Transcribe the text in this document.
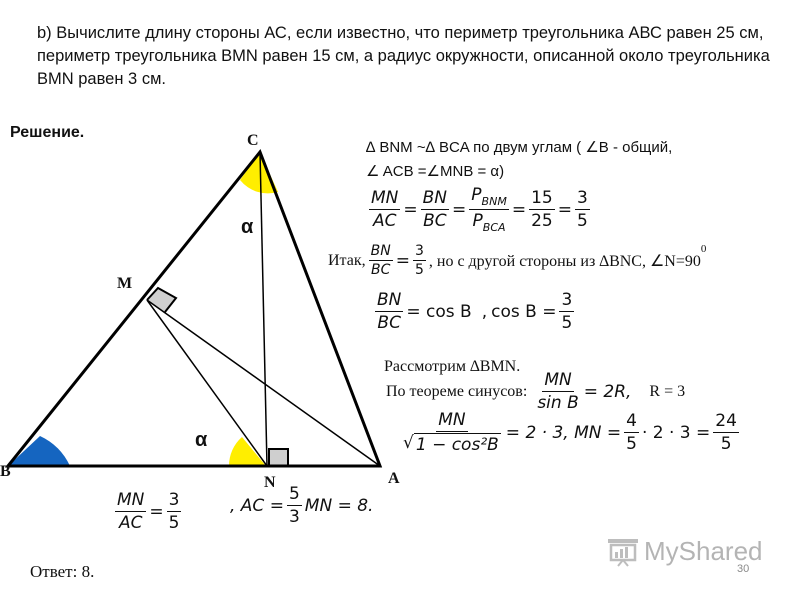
b) Вычислите длину стороны АС, если известно, что периметр треугольника АВС равен 25 см, периметр треугольника ВМN равен 15 см, а радиус окружности, описанной около треугольника ВМN равен 3 см.
Решение.
B
C
A
M
N
α
α
∆ BNM ~∆ BCA по двум углам ( ∠B - общий,
∠ ACB =∠MNB = α)
$\frac{MN}{AC} = \frac{BN}{BC} = \frac{P_{BNM}}{P_{BCA}} = \frac{15}{25} = \frac{3}{5}$
Итак, $\frac{BN}{BC} = \frac{3}{5}$ , но с другой стороны из ∆BNC, ∠N=90
$^0$
$\frac{BN}{BC} = \cos B$ , $\cos B = \frac{3}{5}$
Рассмотрим ∆BMN.
По теореме синусов: $\frac{MN}{\text{sin B}} = 2R$, R = 3
$\frac{MN}{\text{√ 1 − cos²B}} = 2 \cdot 3$, MN = $\frac{4}{5} \cdot 2 \cdot 3 = \frac{24}{5}$
$\frac{MN}{AC} = \frac{3}{5}$	, AC = $\frac{5}{3}$ MN = 8.
Ответ: 8.
MyShared
30
